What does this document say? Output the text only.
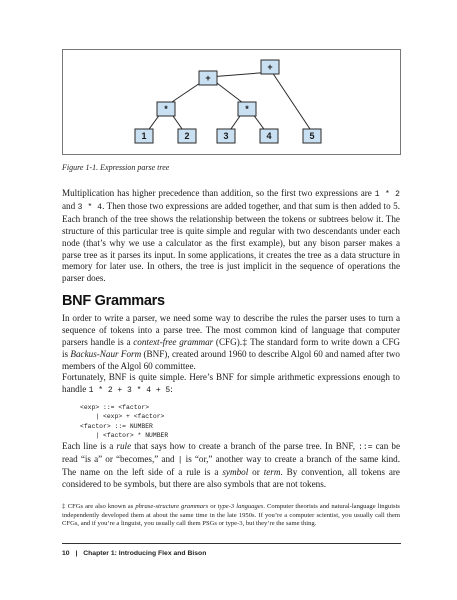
+
+
*	*
1	2	3	4	5
Figure 1-1. Expression parse tree

Multiplication has higher precedence than addition, so the first two expressions are 1 * 2 and 3 * 4. Then those two expressions are added together, and that sum is then added to 5. Each branch of the tree shows the relationship between the tokens or subtrees below it. The structure of this particular tree is quite simple and regular with two descendants under each node (that’s why we use a calculator as the first example), but any bison parser makes a parse tree as it parses its input. In some applications, it creates the tree as a data structure in memory for later use. In others, the tree is just implicit in the sequence of operations the parser does.

BNF Grammars

In order to write a parser, we need some way to describe the rules the parser uses to turn a sequence of tokens into a parse tree. The most common kind of language that computer parsers handle is a context-free grammar (CFG).‡ The standard form to write down a CFG is Backus-Naur Form (BNF), created around 1960 to describe Algol 60 and named after two members of the Algol 60 committee.

Fortunately, BNF is quite simple. Here’s BNF for simple arithmetic expressions enough to handle 1 * 2 + 3 * 4 + 5:

<exp> ::= <factor>
| <exp> + <factor>
<factor> ::= NUMBER
| <factor> * NUMBER

Each line is a rule that says how to create a branch of the parse tree. In BNF, ::= can be read “is a” or “becomes,” and | is “or,” another way to create a branch of the same kind. The name on the left side of a rule is a symbol or term. By convention, all tokens are considered to be symbols, but there are also symbols that are not tokens.

‡ CFGs are also known as phrase-structure grammars or type-3 languages. Computer theorists and natural-language linguists independently developed them at about the same time in the late 1950s. If you’re a computer scientist, you usually call them CFGs, and if you’re a linguist, you usually call them PSGs or type-3, but they’re the same thing.

10 | Chapter 1: Introducing Flex and Bison
